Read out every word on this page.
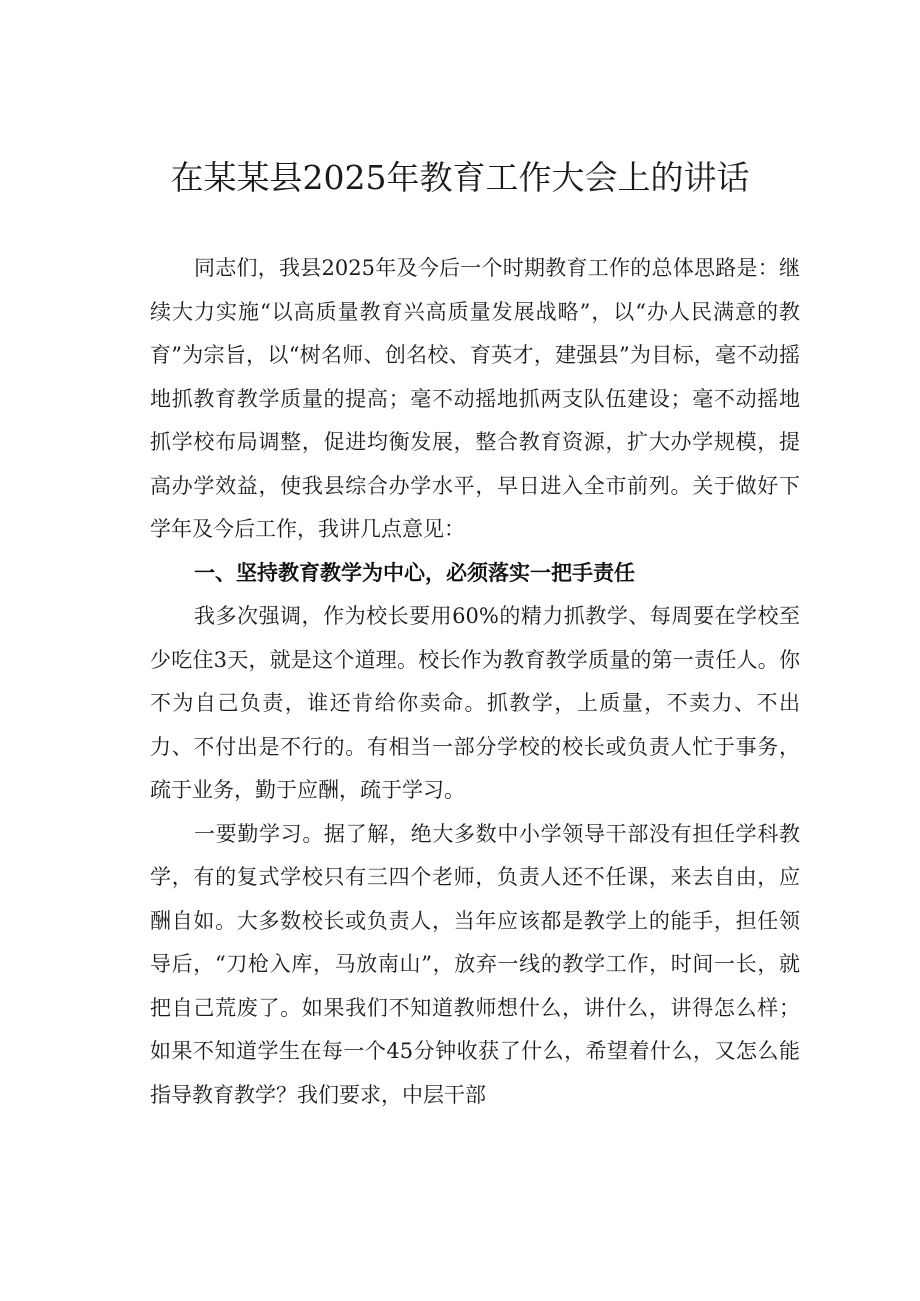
在某某县2025年教育工作大会上的讲话

同志们，我县2025年及今后一个时期教育工作的总体思路是：继续大力实施“以高质量教育兴高质量发展战略”，以“办人民满意的教育”为宗旨，以“树名师、创名校、育英才，建强县”为目标，毫不动摇地抓教育教学质量的提高；毫不动摇地抓两支队伍建设；毫不动摇地抓学校布局调整，促进均衡发展，整合教育资源，扩大办学规模，提高办学效益，使我县综合办学水平，早日进入全市前列。关于做好下学年及今后工作，我讲几点意见：

一、坚持教育教学为中心，必须落实一把手责任

我多次强调，作为校长要用60%的精力抓教学、每周要在学校至少吃住3天，就是这个道理。校长作为教育教学质量的第一责任人。你不为自己负责，谁还肯给你卖命。抓教学，上质量，不卖力、不出力、不付出是不行的。有相当一部分学校的校长或负责人忙于事务，疏于业务，勤于应酬，疏于学习。

一要勤学习。据了解，绝大多数中小学领导干部没有担任学科教学，有的复式学校只有三四个老师，负责人还不任课，来去自由，应酬自如。大多数校长或负责人，当年应该都是教学上的能手，担任领导后，“刀枪入库，马放南山”，放弃一线的教学工作，时间一长，就把自己荒废了。如果我们不知道教师想什么，讲什么，讲得怎么样；如果不知道学生在每一个45分钟收获了什么，希望着什么，又怎么能指导教育教学？我们要求，中层干部
